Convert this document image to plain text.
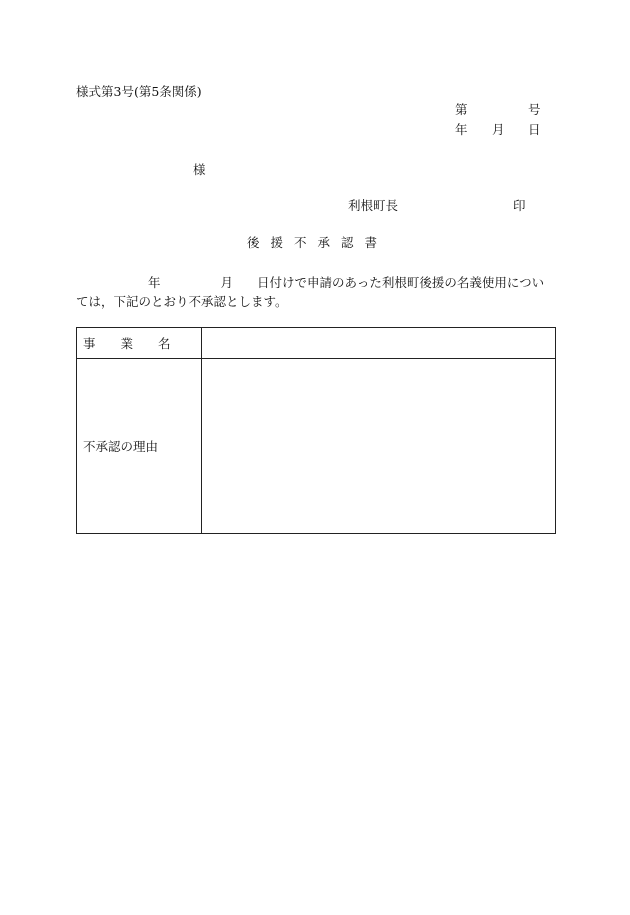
様式第3号(第5条関係)
第	号
年 月 日
様
利根町長	印
後援不承認書
年	月 日付けで申請のあった利根町後援の名義使用については，下記のとおり不承認とします。
事　　業　　名	
不承認の理由	
